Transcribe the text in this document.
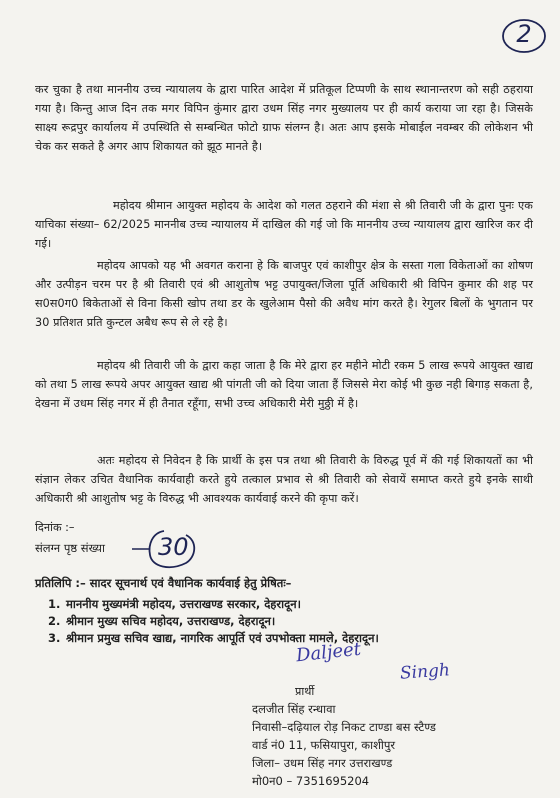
2

कर चुका है तथा माननीय उच्च न्यायालय के द्वारा पारित आदेश में प्रतिकूल टिप्पणी के साथ स्थानान्तरण को सही ठहराया गया है। किन्तु आज दिन तक मगर विपिन कुंमार द्वारा उधम सिंह नगर मुख्यालय पर ही कार्य कराया जा रहा है। जिसके साक्ष्य रूद्रपुर कार्यालय में उपस्थिति से सम्बन्धित फोटो ग्राफ संलग्न है। अतः आप इसके मोबाईल नवम्बर की लोकेशन भी चेक कर सकते है अगर आप शिकायत को झूठ मानते है।

महोदय श्रीमान आयुक्त महोदय के आदेश को गलत ठहराने की मंशा से श्री तिवारी जी के द्वारा पुनः एक याचिका संख्या– 62/2025 माननीब उच्च न्यायालय में दाखिल की गई जो कि माननीय उच्च न्यायालय द्वारा खारिज कर दी गई।

महोदय आपको यह भी अवगत कराना हे कि बाजपुर एवं काशीपुर क्षेत्र के सस्ता गला विकेताओं का शोषण और उत्पीड़न चरम पर है श्री तिवारी एवं श्री आशुतोष भट्ट उपायुक्त/जिला पूर्ति अधिकारी श्री विपिन कुमार की शह पर स0स0ग0 बिकेताओं से विना किसी खोप तथा डर के खुलेआम पैसो की अवैध मांग करते है। रेगुलर बिलों के भुगतान पर 30 प्रतिशत प्रति कुन्टल अबैध रूप से ले रहे है।

महोदय श्री तिवारी जी के द्वारा कहा जाता है कि मेरे द्वारा हर महीने मोटी रकम 5 लाख रूपये आयुक्त खाद्य को तथा 5 लाख रूपये अपर आयुक्त खाद्य श्री पांगती जी को दिया जाता हैं जिससे मेरा कोई भी कुछ नही बिगाड़ सकता है, देखना में उधम सिंह नगर में ही तैनात रहूँगा, सभी उच्च अधिकारी मेरी मुठ्ठी में है।

अतः महोदय से निवेदन है कि प्रार्थी के इस पत्र तथा श्री तिवारी के विरुद्ध पूर्व में की गई शिकायतों का भी संज्ञान लेकर उचित वैधानिक कार्यवाही करते हुये तत्काल प्रभाव से श्री तिवारी को सेवायें समाप्त करते हुये इनके साथी अधिकारी श्री आशुतोष भट्ट के विरुद्ध भी आवश्यक कार्यवाई करने की कृपा करें।

दिनांक :–
संलग्न पृष्ठ संख्या 30
प्रतिलिपि :– सादर सूचनार्थ एवं वैधानिक कार्यवाई हेतु प्रेषितः–
1. माननीय मुख्यमंत्री महोदय, उत्तराखण्ड सरकार, देहरादून।
2. श्रीमान मुख्य सचिव महोदय, उत्तराखण्ड, देहरादून।
3. श्रीमान प्रमुख सचिव खाद्य, नागरिक आपूर्ति एवं उपभोक्ता मामले, देहरादून।
Daljeet
Singh
प्रार्थी
दलजीत सिंह रन्धावा
निवासी–दढ़ियाल रोड़ निकट टाण्डा बस स्टैण्ड
वार्ड नं0 11, फसियापुरा, काशीपुर
जिला– उधम सिंह नगर उत्तराखण्ड
मो0न0 – 7351695204
